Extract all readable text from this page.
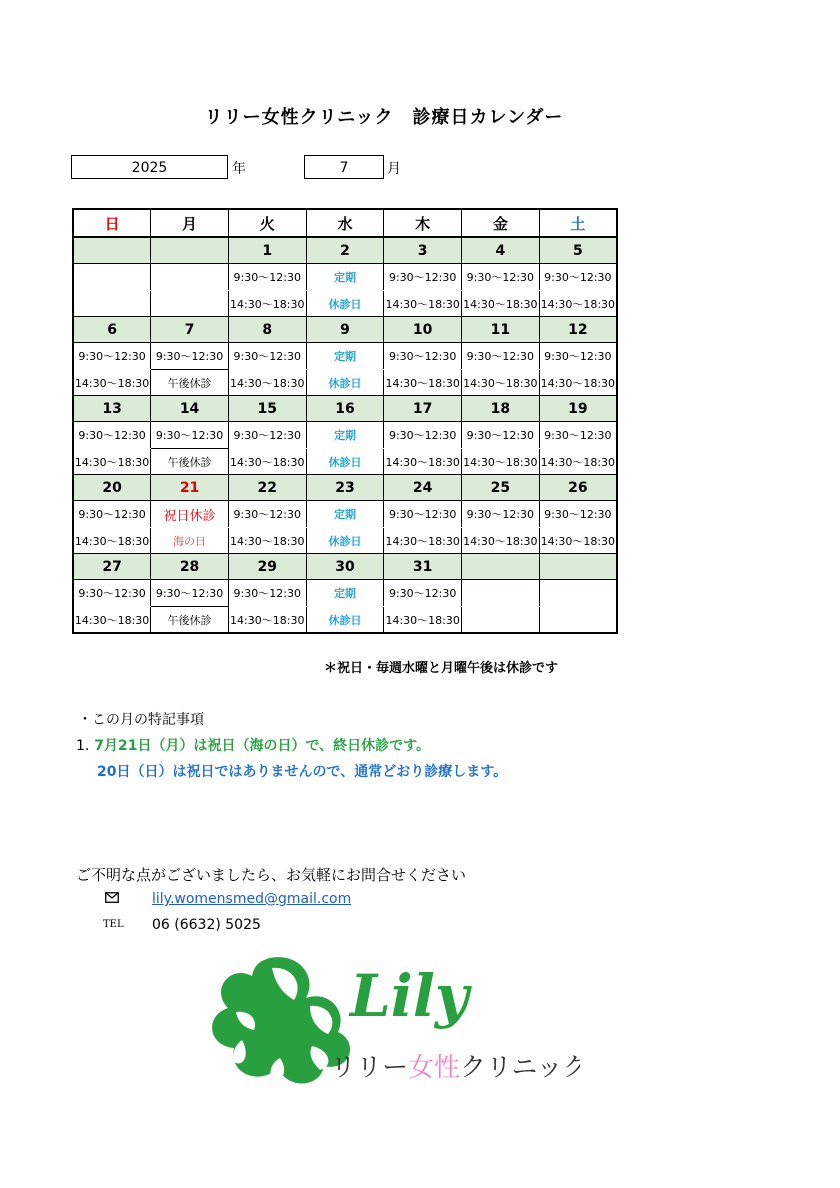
リリー女性クリニック　診療日カレンダー
2025	年	7	月
日	月	火	水	木	金	土
		1	2	3	4	5
		9:30～12:30	定期	9:30～12:30	9:30～12:30	9:30～12:30
		14:30～18:30	休診日	14:30～18:30	14:30～18:30	14:30～18:30
6	7	8	9	10	11	12
9:30～12:30	9:30～12:30	9:30～12:30	定期	9:30～12:30	9:30～12:30	9:30～12:30
14:30～18:30	午後休診	14:30～18:30	休診日	14:30～18:30	14:30～18:30	14:30～18:30
13	14	15	16	17	18	19
9:30～12:30	9:30～12:30	9:30～12:30	定期	9:30～12:30	9:30～12:30	9:30～12:30
14:30～18:30	午後休診	14:30～18:30	休診日	14:30～18:30	14:30～18:30	14:30～18:30
20	21	22	23	24	25	26
9:30～12:30	祝日休診	9:30～12:30	定期	9:30～12:30	9:30～12:30	9:30～12:30
14:30～18:30	海の日	14:30～18:30	休診日	14:30～18:30	14:30～18:30	14:30～18:30
27	28	29	30	31		
9:30～12:30	9:30～12:30	9:30～12:30	定期	9:30～12:30		
14:30～18:30	午後休診	14:30～18:30	休診日	14:30～18:30		
＊祝日・毎週水曜と月曜午後は休診です
・この月の特記事項
1. 7月21日（月）は祝日（海の日）で、終日休診です。
20日（日）は祝日ではありませんので、通常どおり診療します。
ご不明な点がございましたら、お気軽にお問合せください
lily.womensmed@gmail.com
TEL 06 (6632) 5025
Lily
リリー女性クリニック
